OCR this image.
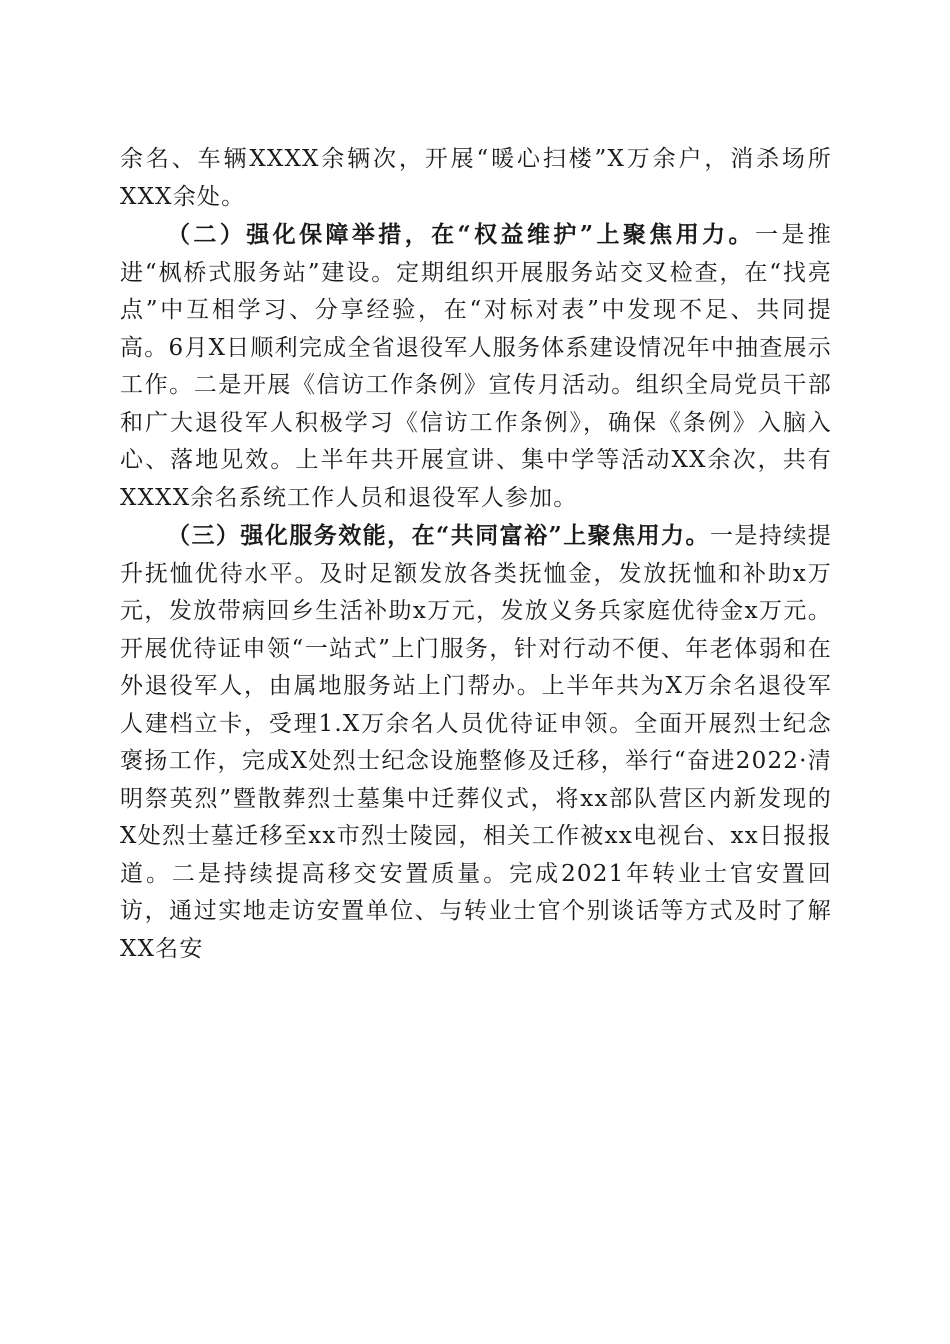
余名、车辆XXXX余辆次，开展“暖心扫楼”X万余户，消杀场所XXX余处。

（二）强化保障举措，在“权益维护”上聚焦用力。一是推进“枫桥式服务站”建设。定期组织开展服务站交叉检查，在“找亮点”中互相学习、分享经验，在“对标对表”中发现不足、共同提高。6月X日顺利完成全省退役军人服务体系建设情况年中抽查展示工作。二是开展《信访工作条例》宣传月活动。组织全局党员干部和广大退役军人积极学习《信访工作条例》，确保《条例》入脑入心、落地见效。上半年共开展宣讲、集中学等活动XX余次，共有XXXX余名系统工作人员和退役军人参加。

（三）强化服务效能，在“共同富裕”上聚焦用力。一是持续提升抚恤优待水平。及时足额发放各类抚恤金，发放抚恤和补助x万元，发放带病回乡生活补助x万元，发放义务兵家庭优待金x万元。开展优待证申领“一站式”上门服务，针对行动不便、年老体弱和在外退役军人，由属地服务站上门帮办。上半年共为X万余名退役军人建档立卡，受理1.X万余名人员优待证申领。全面开展烈士纪念褒扬工作，完成X处烈士纪念设施整修及迁移，举行“奋进2022·清明祭英烈”暨散葬烈士墓集中迁葬仪式，将xx部队营区内新发现的X处烈士墓迁移至xx市烈士陵园，相关工作被xx电视台、xx日报报道。二是持续提高移交安置质量。完成2021年转业士官安置回访，通过实地走访安置单位、与转业士官个别谈话等方式及时了解XX名安
